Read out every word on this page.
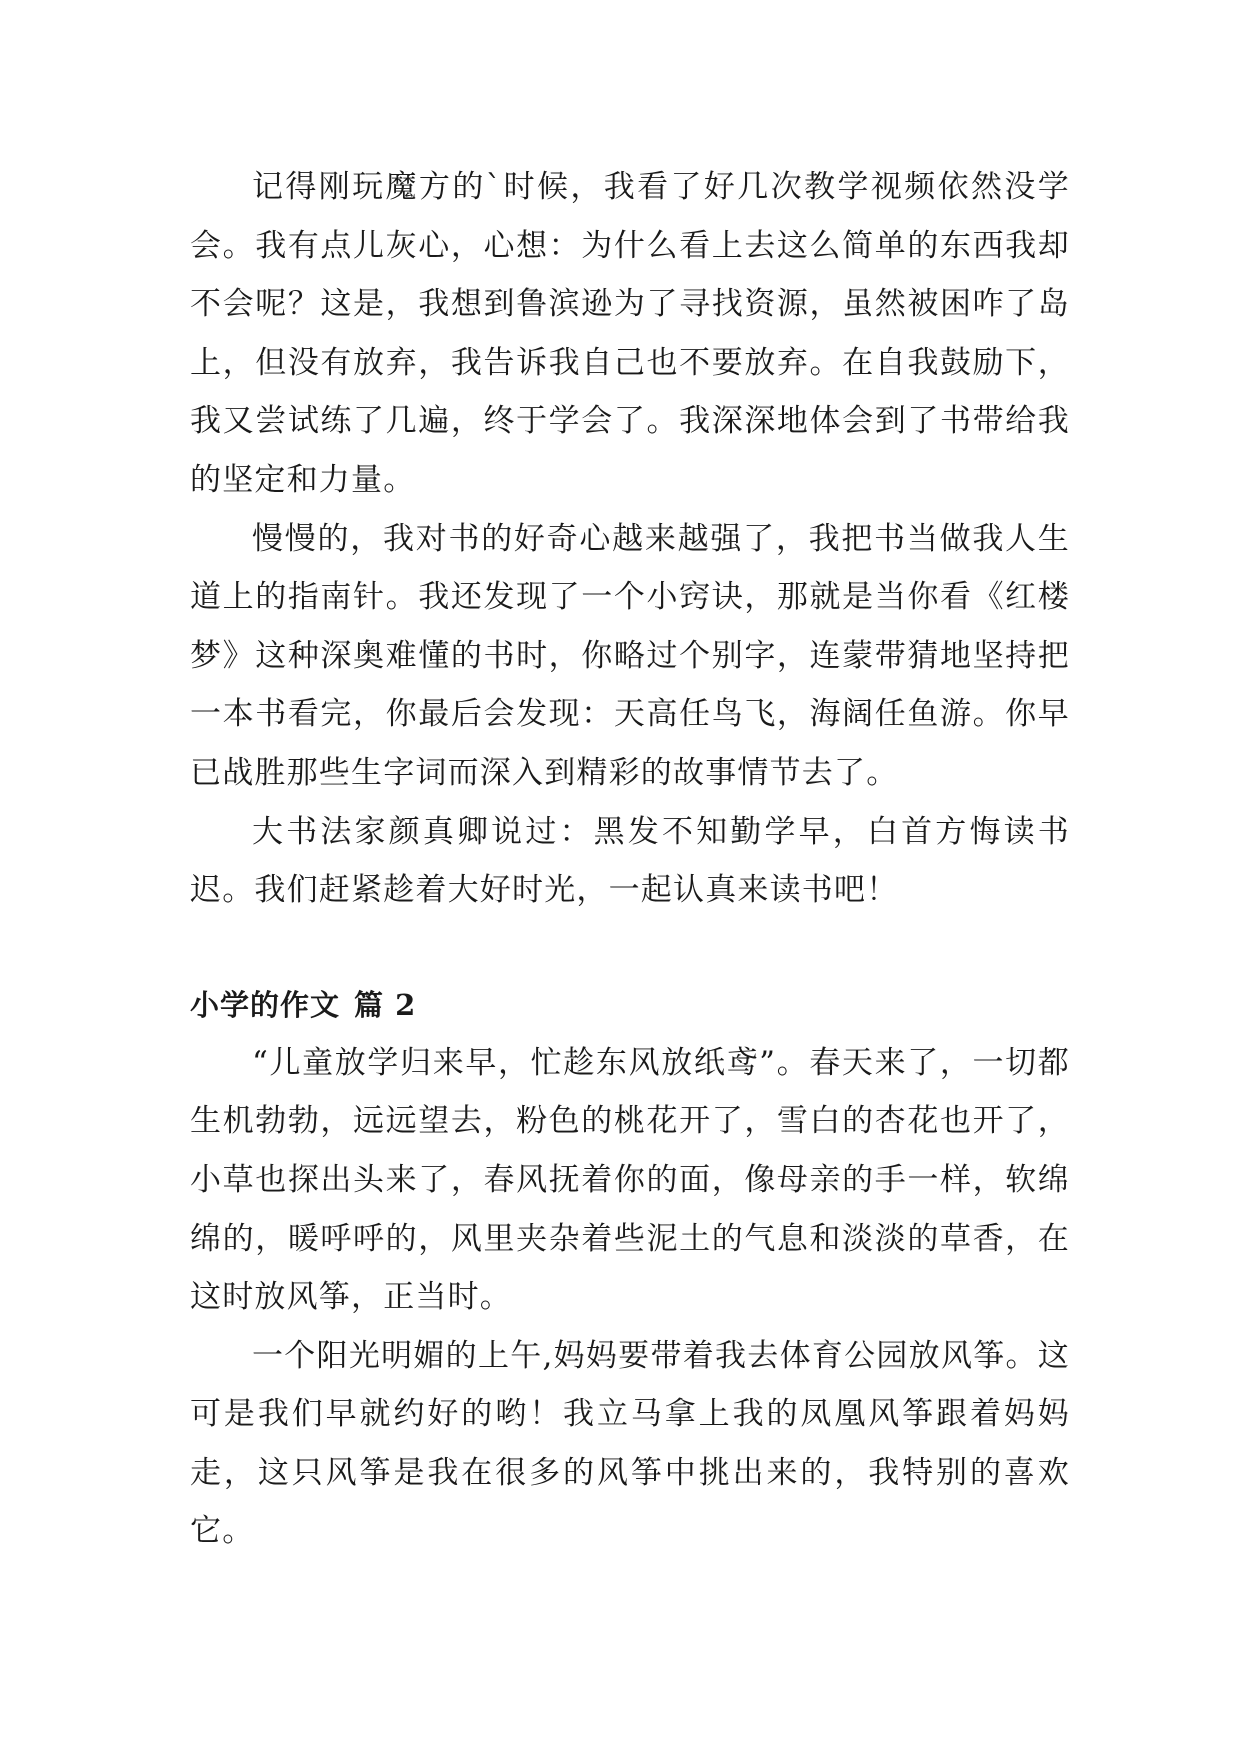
记得刚玩魔方的`时候，我看了好几次教学视频依然没学会。我有点儿灰心，心想：为什么看上去这么简单的东西我却不会呢？这是，我想到鲁滨逊为了寻找资源，虽然被困咋了岛上，但没有放弃，我告诉我自己也不要放弃。在自我鼓励下，我又尝试练了几遍，终于学会了。我深深地体会到了书带给我的坚定和力量。

慢慢的，我对书的好奇心越来越强了，我把书当做我人生道上的指南针。我还发现了一个小窍诀，那就是当你看《红楼梦》这种深奥难懂的书时，你略过个别字，连蒙带猜地坚持把一本书看完，你最后会发现：天高任鸟飞，海阔任鱼游。你早已战胜那些生字词而深入到精彩的故事情节去了。

大书法家颜真卿说过：黑发不知勤学早，白首方悔读书迟。我们赶紧趁着大好时光，一起认真来读书吧！

小学的作文 篇 2

“儿童放学归来早，忙趁东风放纸鸢”。春天来了，一切都生机勃勃，远远望去，粉色的桃花开了，雪白的杏花也开了，小草也探出头来了，春风抚着你的面，像母亲的手一样，软绵绵的，暖呼呼的，风里夹杂着些泥土的气息和淡淡的草香，在这时放风筝，正当时。

一个阳光明媚的上午,妈妈要带着我去体育公园放风筝。这可是我们早就约好的哟！我立马拿上我的凤凰风筝跟着妈妈走，这只风筝是我在很多的风筝中挑出来的，我特别的喜欢它。
